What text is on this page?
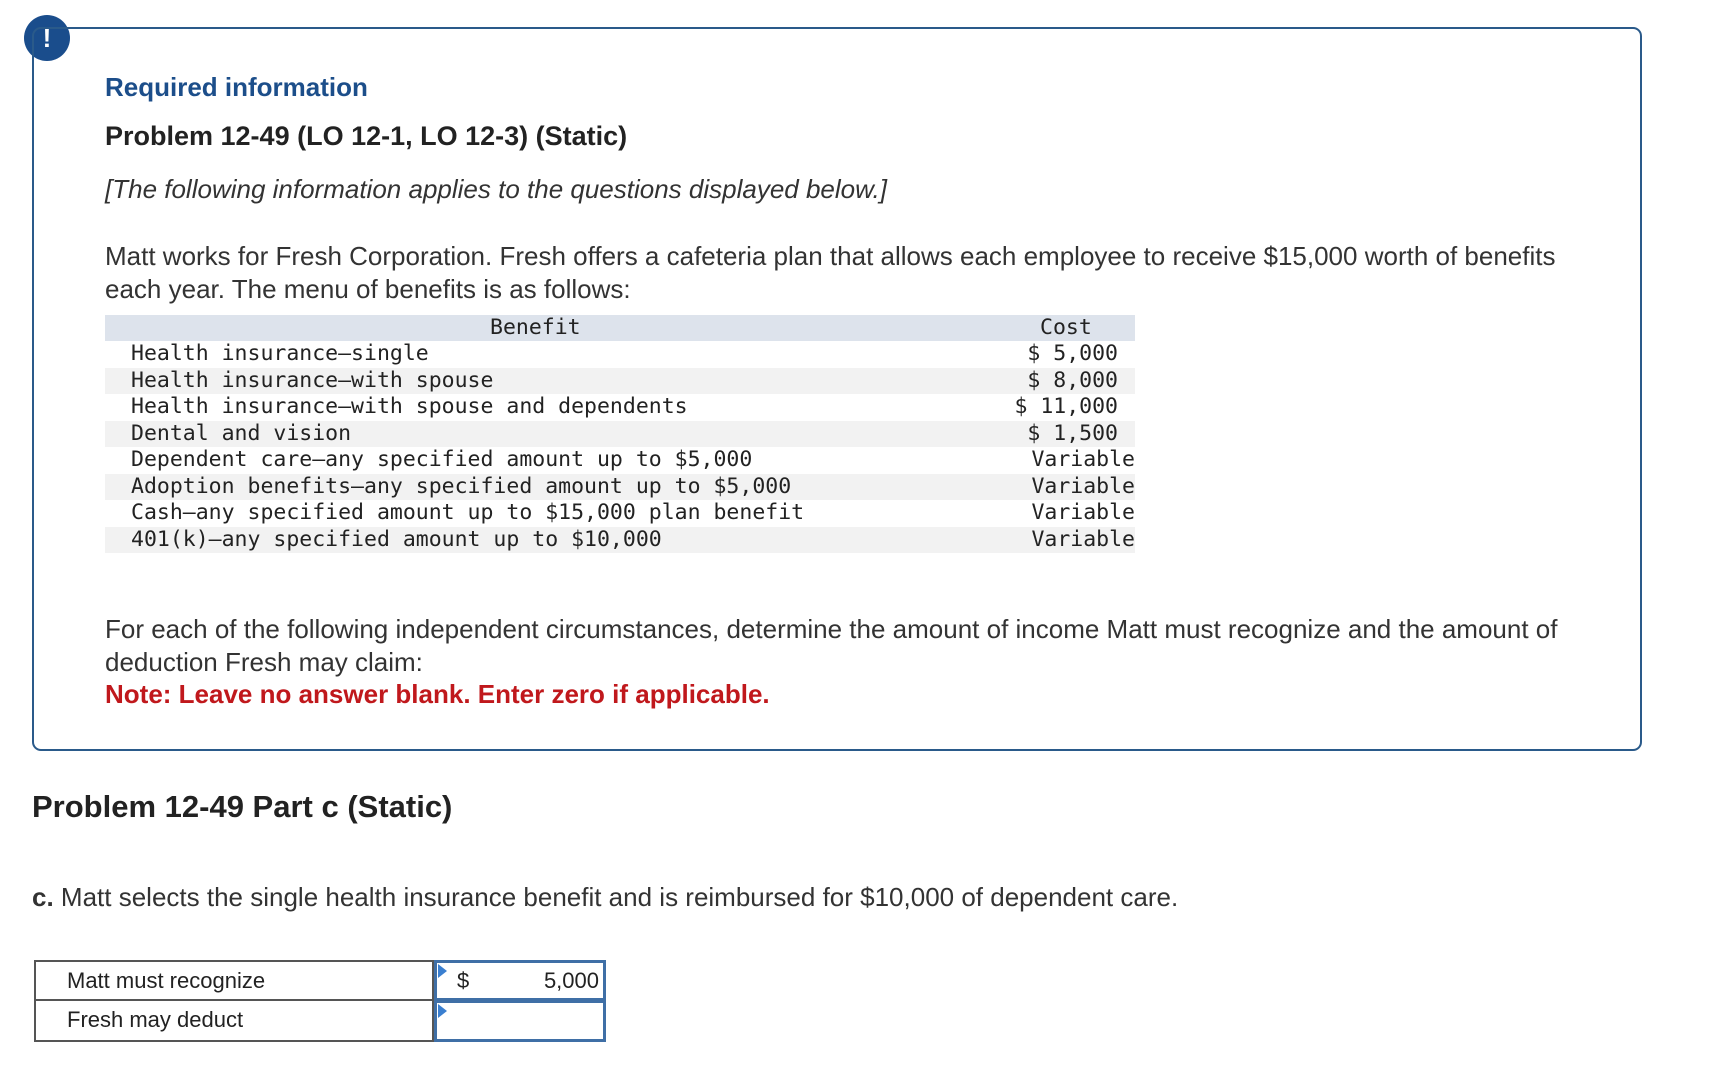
!
Required information
Problem 12-49 (LO 12-1, LO 12-3) (Static)
[The following information applies to the questions displayed below.]
Matt works for Fresh Corporation. Fresh offers a cafeteria plan that allows each employee to receive $15,000 worth of benefits each year. The menu of benefits is as follows:
Benefit	Cost
Health insurance—single	$ 5,000
Health insurance—with spouse	$ 8,000
Health insurance—with spouse and dependents	$ 11,000
Dental and vision	$ 1,500
Dependent care—any specified amount up to $5,000	Variable
Adoption benefits—any specified amount up to $5,000	Variable
Cash—any specified amount up to $15,000 plan benefit	Variable
401(k)—any specified amount up to $10,000	Variable
For each of the following independent circumstances, determine the amount of income Matt must recognize and the amount of deduction Fresh may claim:
Note: Leave no answer blank. Enter zero if applicable.
Problem 12-49 Part c (Static)
c. Matt selects the single health insurance benefit and is reimbursed for $10,000 of dependent care.
Matt must recognize	$	5,000
Fresh may deduct
